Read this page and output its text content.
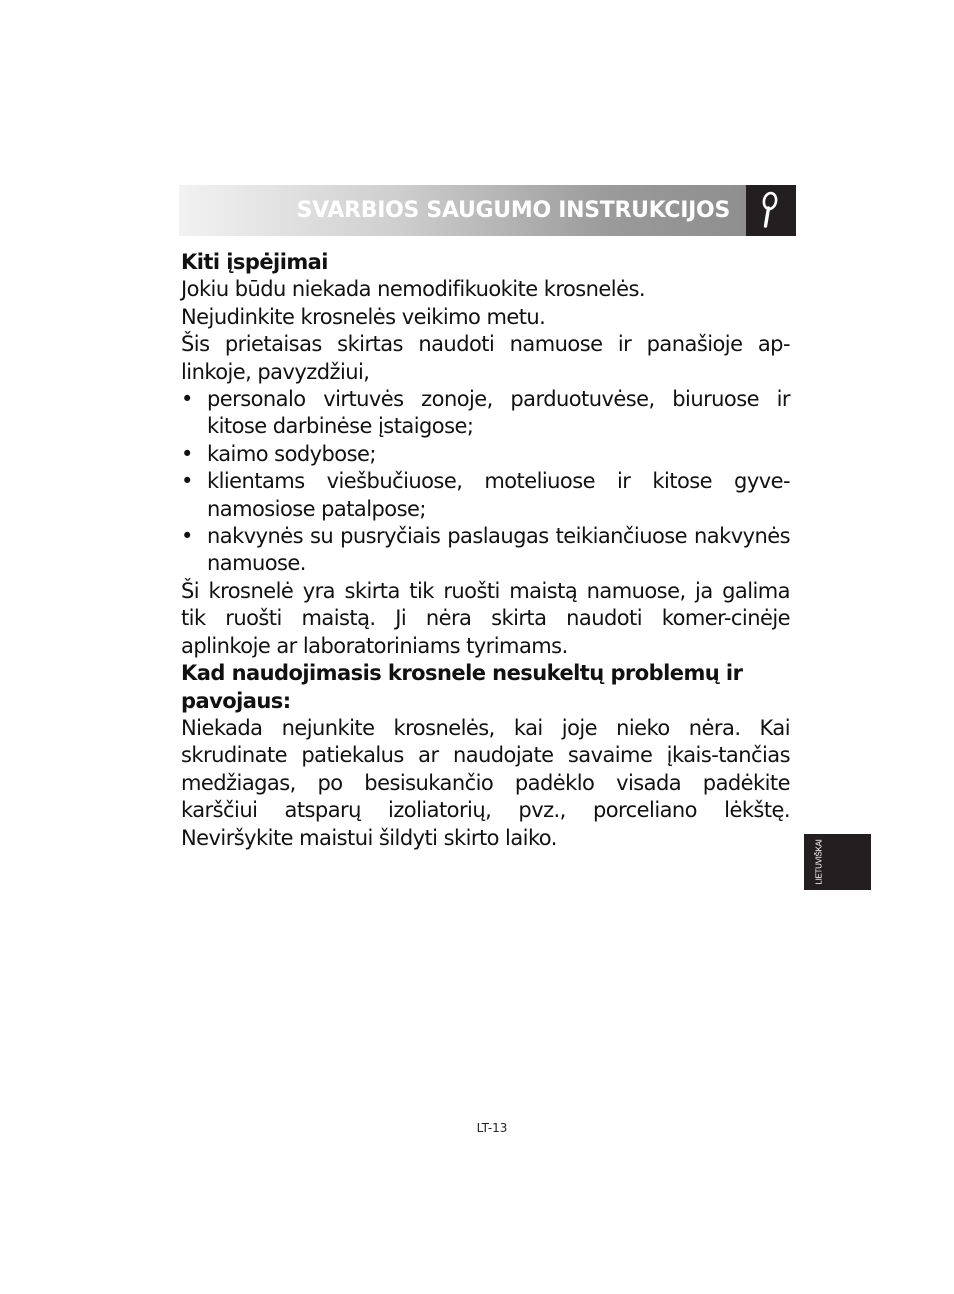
SVARBIOS SAUGUMO INSTRUKCIJOS

Kiti įspėjimai

Jokiu būdu niekada nemodifikuokite krosnelės.

Nejudinkite krosnelės veikimo metu.

Šis prietaisas skirtas naudoti namuose ir panašioje ap-linkoje, pavyzdžiui,

• personalo virtuvės zonoje, parduotuvėse, biuruose ir kitose darbinėse įstaigose;
• kaimo sodybose;
• klientams viešbučiuose, moteliuose ir kitose gyve-namosiose patalpose;
• nakvynės su pusryčiais paslaugas teikiančiuose nakvynės namuose.

Ši krosnelė yra skirta tik ruošti maistą namuose, ja galima tik ruošti maistą. Ji nėra skirta naudoti komer-cinėje aplinkoje ar laboratoriniams tyrimams.

Kad naudojimasis krosnele nesukeltų problemų ir pavojaus:

Niekada nejunkite krosnelės, kai joje nieko nėra. Kai skrudinate patiekalus ar naudojate savaime įkais-tančias medžiagas, po besisukančio padėklo visada padėkite karščiui atsparų izoliatorių, pvz., porceliano lėkštę. Neviršykite maistui šildyti skirto laiko.

LIETUVIŠKAI
LT-13
